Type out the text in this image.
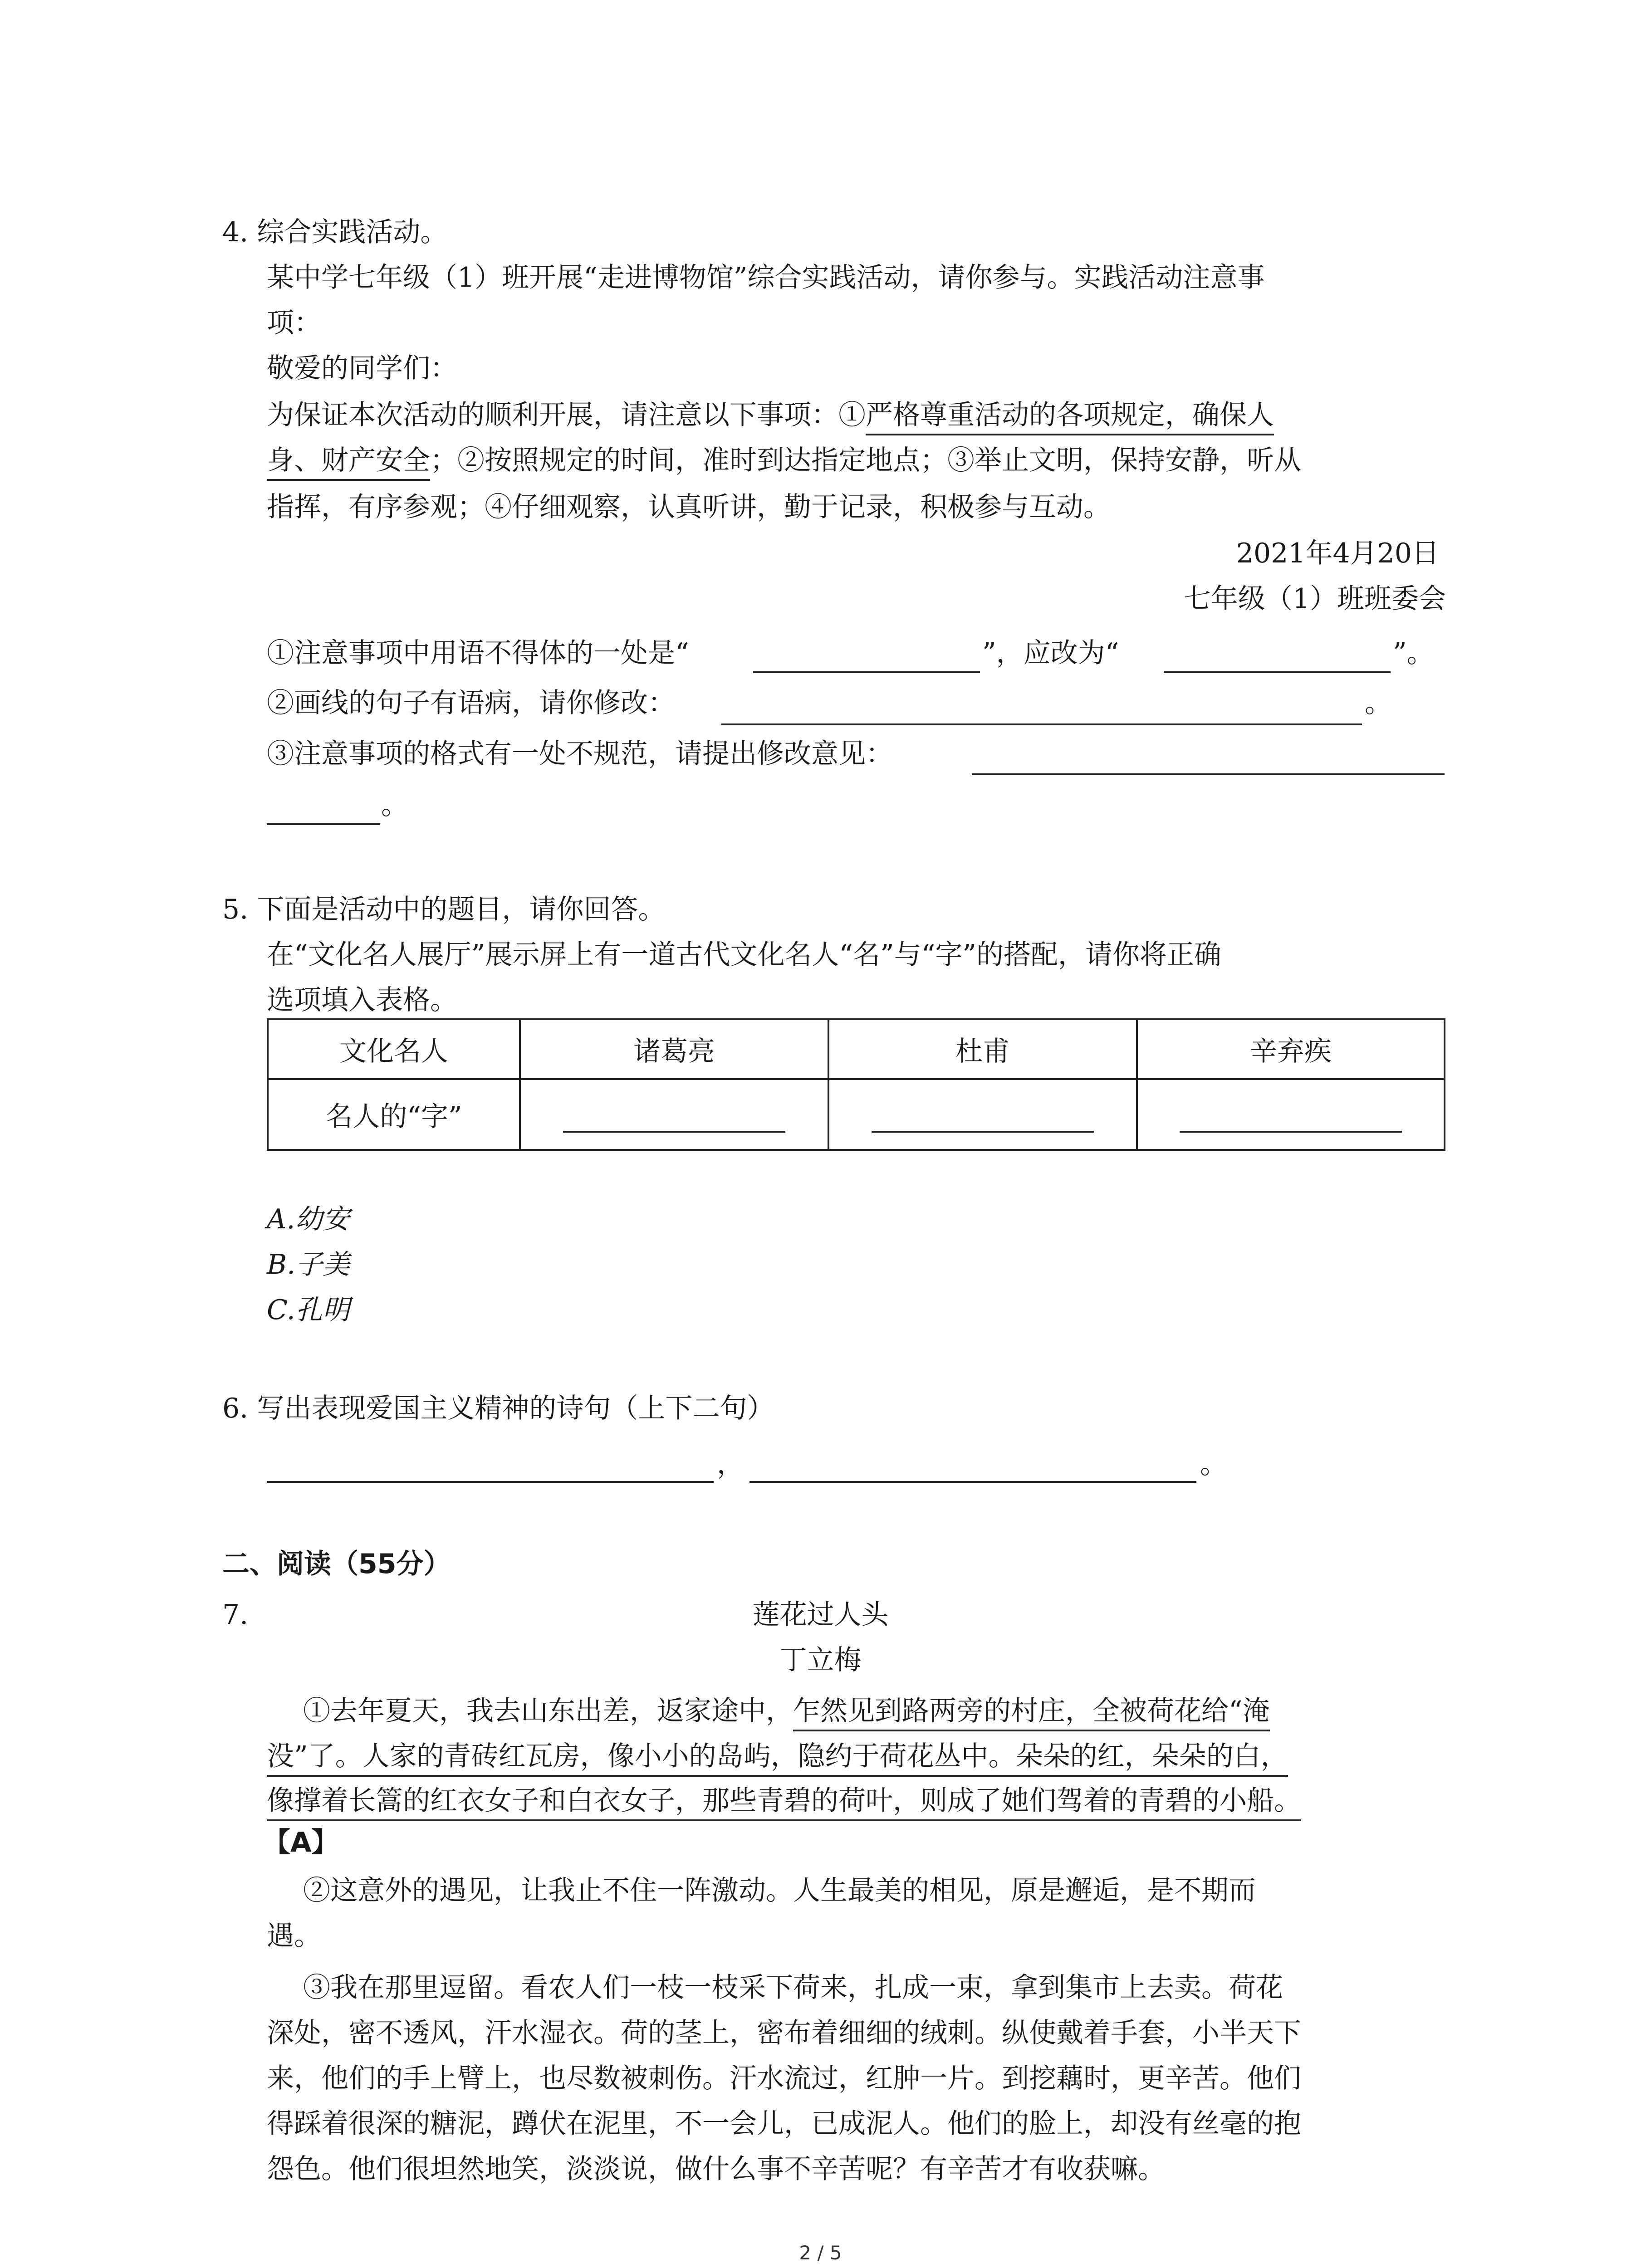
4. 综合实践活动。
某中学七年级（1）班开展“走进博物馆”综合实践活动，请你参与。实践活动注意事
项：
敬爱的同学们：
为保证本次活动的顺利开展，请注意以下事项：①严格尊重活动的各项规定，确保人
身、财产安全；②按照规定的时间，准时到达指定地点；③举止文明，保持安静，听从
指挥，有序参观；④仔细观察，认真听讲，勤于记录，积极参与互动。
2021年4月20日
七年级（1）班班委会
①注意事项中用语不得体的一处是“	”，应改为“	”。
②画线的句子有语病，请你修改：	。
③注意事项的格式有一处不规范，请提出修改意见：
。
5. 下面是活动中的题目，请你回答。
在“文化名人展厅”展示屏上有一道古代文化名人“名”与“字”的搭配，请你将正确
选项填入表格。
文化名人	诸葛亮	杜甫	辛弃疾
名人的“字”			
A.幼安
B.子美
C.孔明
6. 写出表现爱国主义精神的诗句（上下二句）
，	。
二、阅读（55分）
7.	莲花过人头
丁立梅
①去年夏天，我去山东出差，返家途中，乍然见到路两旁的村庄，全被荷花给“淹
没”了。人家的青砖红瓦房，像小小的岛屿，隐约于荷花丛中。朵朵的红，朵朵的白，
像撑着长篙的红衣女子和白衣女子，那些青碧的荷叶，则成了她们驾着的青碧的小船。
【A】
②这意外的遇见，让我止不住一阵激动。人生最美的相见，原是邂逅，是不期而
遇。
③我在那里逗留。看农人们一枝一枝采下荷来，扎成一束，拿到集市上去卖。荷花
深处，密不透风，汗水湿衣。荷的茎上，密布着细细的绒刺。纵使戴着手套，小半天下
来，他们的手上臂上，也尽数被刺伤。汗水流过，红肿一片。到挖藕时，更辛苦。他们
得踩着很深的糖泥，蹲伏在泥里，不一会儿，已成泥人。他们的脸上，却没有丝毫的抱
怨色。他们很坦然地笑，淡淡说，做什么事不辛苦呢？有辛苦才有收获嘛。
2 / 5
